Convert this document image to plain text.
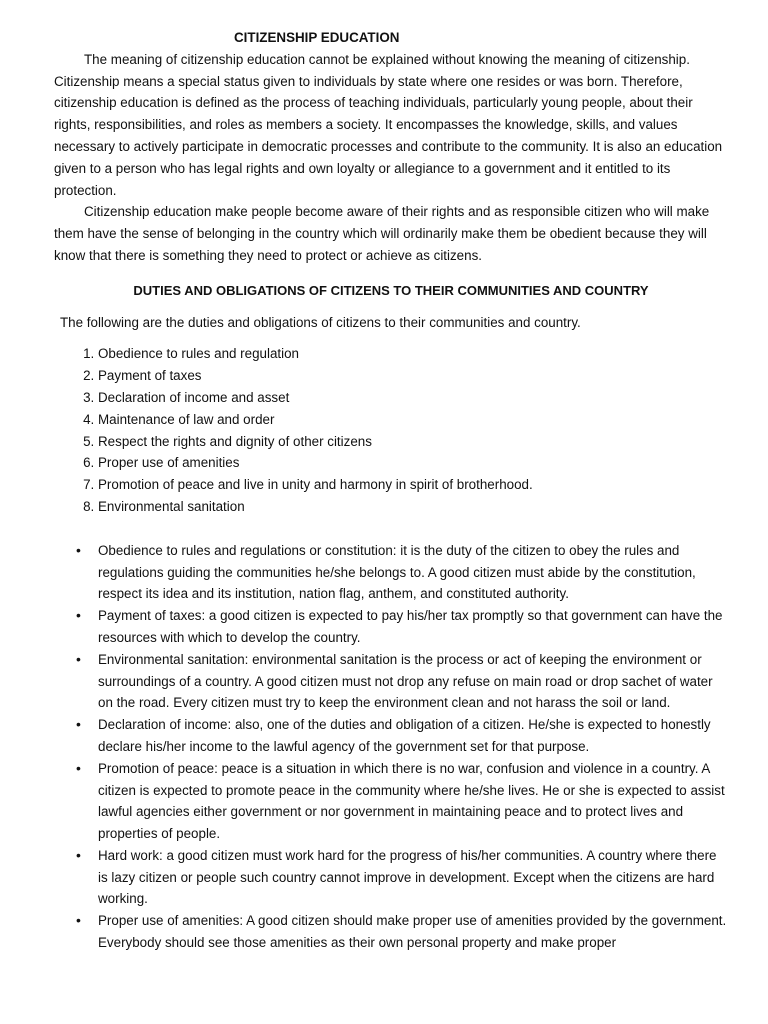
CITIZENSHIP EDUCATION

The meaning of citizenship education cannot be explained without knowing the meaning of citizenship. Citizenship means a special status given to individuals by state where one resides or was born. Therefore, citizenship education is defined as the process of teaching individuals, particularly young people, about their rights, responsibilities, and roles as members a society. It encompasses the knowledge, skills, and values necessary to actively participate in democratic processes and contribute to the community. It is also an education given to a person who has legal rights and own loyalty or allegiance to a government and it entitled to its protection.

Citizenship education make people become aware of their rights and as responsible citizen who will make them have the sense of belonging in the country which will ordinarily make them be obedient because they will know that there is something they need to protect or achieve as citizens.

DUTIES AND OBLIGATIONS OF CITIZENS TO THEIR COMMUNITIES AND COUNTRY

The following are the duties and obligations of citizens to their communities and country.

1. Obedience to rules and regulation
2. Payment of taxes
3. Declaration of income and asset
4. Maintenance of law and order
5. Respect the rights and dignity of other citizens
6. Proper use of amenities
7. Promotion of peace and live in unity and harmony in spirit of brotherhood.
8. Environmental sanitation
• Obedience to rules and regulations or constitution: it is the duty of the citizen to obey the rules and regulations guiding the communities he/she belongs to. A good citizen must abide by the constitution, respect its idea and its institution, nation flag, anthem, and constituted authority.
• Payment of taxes: a good citizen is expected to pay his/her tax promptly so that government can have the resources with which to develop the country.
• Environmental sanitation: environmental sanitation is the process or act of keeping the environment or surroundings of a country. A good citizen must not drop any refuse on main road or drop sachet of water on the road. Every citizen must try to keep the environment clean and not harass the soil or land.
• Declaration of income: also, one of the duties and obligation of a citizen. He/she is expected to honestly declare his/her income to the lawful agency of the government set for that purpose.
• Promotion of peace: peace is a situation in which there is no war, confusion and violence in a country. A citizen is expected to promote peace in the community where he/she lives. He or she is expected to assist lawful agencies either government or nor government in maintaining peace and to protect lives and properties of people.
• Hard work: a good citizen must work hard for the progress of his/her communities. A country where there is lazy citizen or people such country cannot improve in development. Except when the citizens are hard working.
• Proper use of amenities: A good citizen should make proper use of amenities provided by the government. Everybody should see those amenities as their own personal property and make proper
